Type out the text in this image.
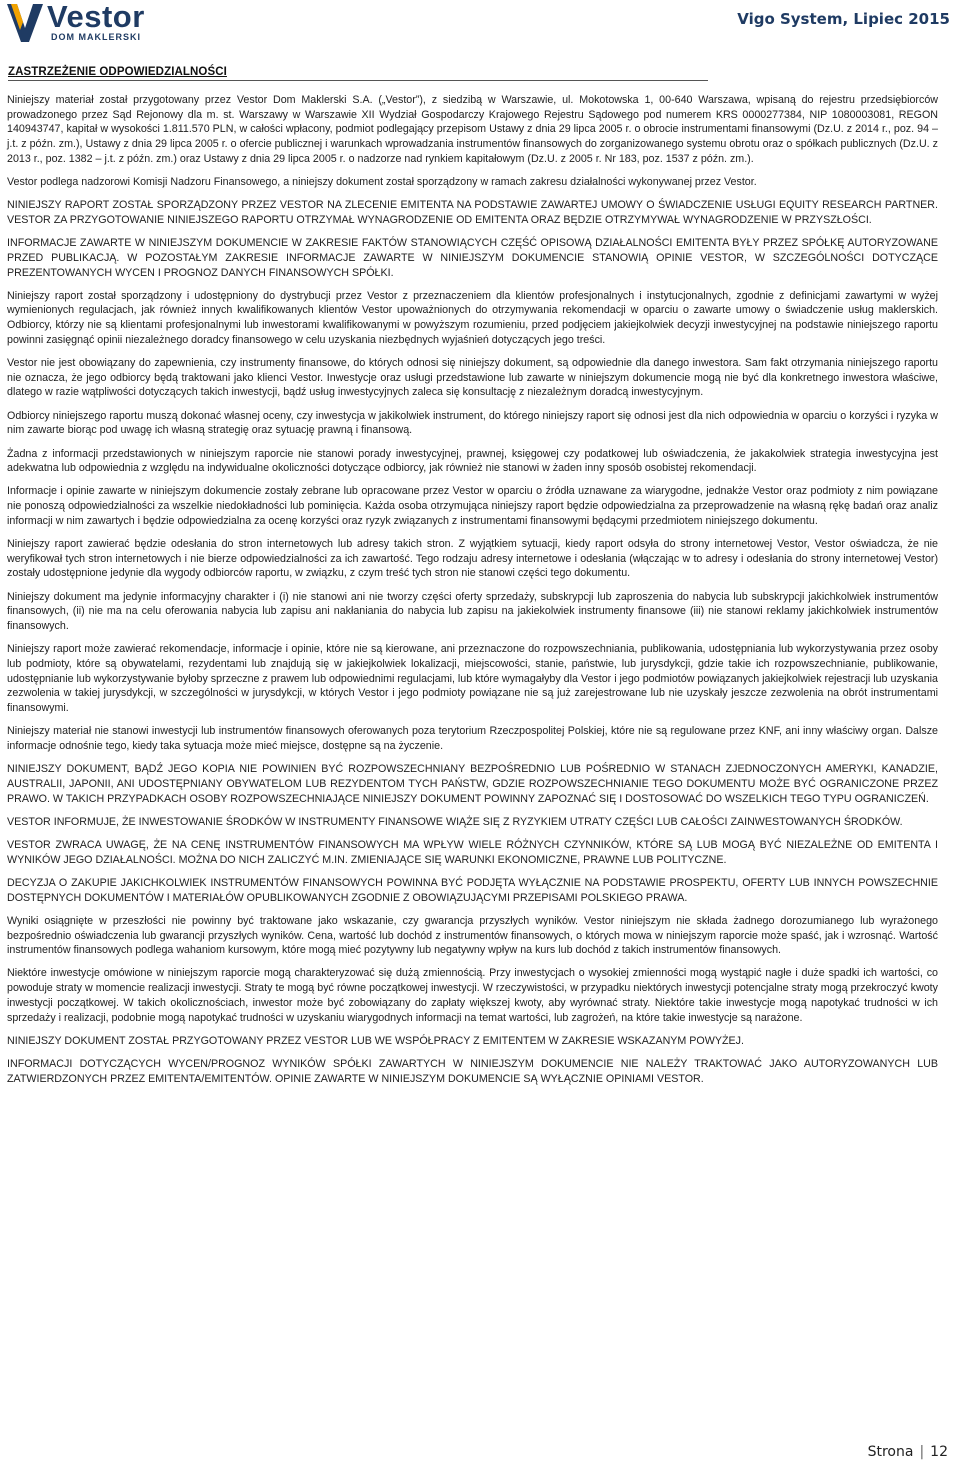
Vestor
DOM MAKLERSKI
Vigo System, Lipiec 2015
ZASTRZEŻENIE ODPOWIEDZIALNOŚCI

Niniejszy materiał został przygotowany przez Vestor Dom Maklerski S.A. („Vestor”), z siedzibą w Warszawie, ul. Mokotowska 1, 00-640 Warszawa, wpisaną do rejestru przedsiębiorców prowadzonego przez Sąd Rejonowy dla m. st. Warszawy w Warszawie XII Wydział Gospodarczy Krajowego Rejestru Sądowego pod numerem KRS 0000277384, NIP 1080003081, REGON 140943747, kapitał w wysokości 1.811.570 PLN, w całości wpłacony, podmiot podlegający przepisom Ustawy z dnia 29 lipca 2005 r. o obrocie instrumentami finansowymi (Dz.U. z 2014 r., poz. 94 – j.t. z późn. zm.), Ustawy z dnia 29 lipca 2005 r. o ofercie publicznej i warunkach wprowadzania instrumentów finansowych do zorganizowanego systemu obrotu oraz o spółkach publicznych (Dz.U. z 2013 r., poz. 1382 – j.t. z późn. zm.) oraz Ustawy z dnia 29 lipca 2005 r. o nadzorze nad rynkiem kapitałowym (Dz.U. z 2005 r. Nr 183, poz. 1537 z późn. zm.).

Vestor podlega nadzorowi Komisji Nadzoru Finansowego, a niniejszy dokument został sporządzony w ramach zakresu działalności wykonywanej przez Vestor.

NINIEJSZY RAPORT ZOSTAŁ SPORZĄDZONY PRZEZ VESTOR NA ZLECENIE EMITENTA NA PODSTAWIE ZAWARTEJ UMOWY O ŚWIADCZENIE USŁUGI EQUITY RESEARCH PARTNER. VESTOR ZA PRZYGOTOWANIE NINIEJSZEGO RAPORTU OTRZYMAŁ WYNAGRODZENIE OD EMITENTA ORAZ BĘDZIE OTRZYMYWAŁ WYNAGRODZENIE W PRZYSZŁOŚCI.

INFORMACJE ZAWARTE W NINIEJSZYM DOKUMENCIE W ZAKRESIE FAKTÓW STANOWIĄCYCH CZĘŚĆ OPISOWĄ DZIAŁALNOŚCI EMITENTA BYŁY PRZEZ SPÓŁKĘ AUTORYZOWANE PRZED PUBLIKACJĄ. W POZOSTAŁYM ZAKRESIE INFORMACJE ZAWARTE W NINIEJSZYM DOKUMENCIE STANOWIĄ OPINIE VESTOR, W SZCZEGÓLNOŚCI DOTYCZĄCE PREZENTOWANYCH WYCEN I PROGNOZ DANYCH FINANSOWYCH SPÓŁKI.

Niniejszy raport został sporządzony i udostępniony do dystrybucji przez Vestor z przeznaczeniem dla klientów profesjonalnych i instytucjonalnych, zgodnie z definicjami zawartymi w wyżej wymienionych regulacjach, jak również innych kwalifikowanych klientów Vestor upoważnionych do otrzymywania rekomendacji w oparciu o zawarte umowy o świadczenie usług maklerskich. Odbiorcy, którzy nie są klientami profesjonalnymi lub inwestorami kwalifikowanymi w powyższym rozumieniu, przed podjęciem jakiejkolwiek decyzji inwestycyjnej na podstawie niniejszego raportu powinni zasięgnąć opinii niezależnego doradcy finansowego w celu uzyskania niezbędnych wyjaśnień dotyczących jego treści.

Vestor nie jest obowiązany do zapewnienia, czy instrumenty finansowe, do których odnosi się niniejszy dokument, są odpowiednie dla danego inwestora. Sam fakt otrzymania niniejszego raportu nie oznacza, że jego odbiorcy będą traktowani jako klienci Vestor. Inwestycje oraz usługi przedstawione lub zawarte w niniejszym dokumencie mogą nie być dla konkretnego inwestora właściwe, dlatego w razie wątpliwości dotyczących takich inwestycji, bądź usług inwestycyjnych zaleca się konsultację z niezależnym doradcą inwestycyjnym.

Odbiorcy niniejszego raportu muszą dokonać własnej oceny, czy inwestycja w jakikolwiek instrument, do którego niniejszy raport się odnosi jest dla nich odpowiednia w oparciu o korzyści i ryzyka w nim zawarte biorąc pod uwagę ich własną strategię oraz sytuację prawną i finansową.

Żadna z informacji przedstawionych w niniejszym raporcie nie stanowi porady inwestycyjnej, prawnej, księgowej czy podatkowej lub oświadczenia, że jakakolwiek strategia inwestycyjna jest adekwatna lub odpowiednia z względu na indywidualne okoliczności dotyczące odbiorcy, jak również nie stanowi w żaden inny sposób osobistej rekomendacji.

Informacje i opinie zawarte w niniejszym dokumencie zostały zebrane lub opracowane przez Vestor w oparciu o źródła uznawane za wiarygodne, jednakże Vestor oraz podmioty z nim powiązane nie ponoszą odpowiedzialności za wszelkie niedokładności lub pominięcia. Każda osoba otrzymująca niniejszy raport będzie odpowiedzialna za przeprowadzenie na własną rękę badań oraz analiz informacji w nim zawartych i będzie odpowiedzialna za ocenę korzyści oraz ryzyk związanych z instrumentami finansowymi będącymi przedmiotem niniejszego dokumentu.

Niniejszy raport zawierać będzie odesłania do stron internetowych lub adresy takich stron. Z wyjątkiem sytuacji, kiedy raport odsyła do strony internetowej Vestor, Vestor oświadcza, że nie weryfikował tych stron internetowych i nie bierze odpowiedzialności za ich zawartość. Tego rodzaju adresy internetowe i odesłania (włączając w to adresy i odesłania do strony internetowej Vestor) zostały udostępnione jedynie dla wygody odbiorców raportu, w związku, z czym treść tych stron nie stanowi części tego dokumentu.

Niniejszy dokument ma jedynie informacyjny charakter i (i) nie stanowi ani nie tworzy części oferty sprzedaży, subskrypcji lub zaproszenia do nabycia lub subskrypcji jakichkolwiek instrumentów finansowych, (ii) nie ma na celu oferowania nabycia lub zapisu ani nakłaniania do nabycia lub zapisu na jakiekolwiek instrumenty finansowe (iii) nie stanowi reklamy jakichkolwiek instrumentów finansowych.

Niniejszy raport może zawierać rekomendacje, informacje i opinie, które nie są kierowane, ani przeznaczone do rozpowszechniania, publikowania, udostępniania lub wykorzystywania przez osoby lub podmioty, które są obywatelami, rezydentami lub znajdują się w jakiejkolwiek lokalizacji, miejscowości, stanie, państwie, lub jurysdykcji, gdzie takie ich rozpowszechnianie, publikowanie, udostępnianie lub wykorzystywanie byłoby sprzeczne z prawem lub odpowiednimi regulacjami, lub które wymagałyby dla Vestor i jego podmiotów powiązanych jakiejkolwiek rejestracji lub uzyskania zezwolenia w takiej jurysdykcji, w szczególności w jurysdykcji, w których Vestor i jego podmioty powiązane nie są już zarejestrowane lub nie uzyskały jeszcze zezwolenia na obrót instrumentami finansowymi.

Niniejszy materiał nie stanowi inwestycji lub instrumentów finansowych oferowanych poza terytorium Rzeczpospolitej Polskiej, które nie są regulowane przez KNF, ani inny właściwy organ. Dalsze informacje odnośnie tego, kiedy taka sytuacja może mieć miejsce, dostępne są na życzenie.

NINIEJSZY DOKUMENT, BĄDŹ JEGO KOPIA NIE POWINIEN BYĆ ROZPOWSZECHNIANY BEZPOŚREDNIO LUB POŚREDNIO W STANACH ZJEDNOCZONYCH AMERYKI, KANADZIE, AUSTRALII, JAPONII, ANI UDOSTĘPNIANY OBYWATELOM LUB REZYDENTOM TYCH PAŃSTW, GDZIE ROZPOWSZECHNIANIE TEGO DOKUMENTU MOŻE BYĆ OGRANICZONE PRZEZ PRAWO. W TAKICH PRZYPADKACH OSOBY ROZPOWSZECHNIAJĄCE NINIEJSZY DOKUMENT POWINNY ZAPOZNAĆ SIĘ I DOSTOSOWAĆ DO WSZELKICH TEGO TYPU OGRANICZEŃ.

VESTOR INFORMUJE, ŻE INWESTOWANIE ŚRODKÓW W INSTRUMENTY FINANSOWE WIĄŻE SIĘ Z RYZYKIEM UTRATY CZĘŚCI LUB CAŁOŚCI ZAINWESTOWANYCH ŚRODKÓW.

VESTOR ZWRACA UWAGĘ, ŻE NA CENĘ INSTRUMENTÓW FINANSOWYCH MA WPŁYW WIELE RÓŻNYCH CZYNNIKÓW, KTÓRE SĄ LUB MOGĄ BYĆ NIEZALEŻNE OD EMITENTA I WYNIKÓW JEGO DZIAŁALNOŚCI. MOŻNA DO NICH ZALICZYĆ M.IN. ZMIENIAJĄCE SIĘ WARUNKI EKONOMICZNE, PRAWNE LUB POLITYCZNE.

DECYZJA O ZAKUPIE JAKICHKOLWIEK INSTRUMENTÓW FINANSOWYCH POWINNA BYĆ PODJĘTA WYŁĄCZNIE NA PODSTAWIE PROSPEKTU, OFERTY LUB INNYCH POWSZECHNIE DOSTĘPNYCH DOKUMENTÓW I MATERIAŁÓW OPUBLIKOWANYCH ZGODNIE Z OBOWIĄZUJĄCYMI PRZEPISAMI POLSKIEGO PRAWA.

Wyniki osiągnięte w przeszłości nie powinny być traktowane jako wskazanie, czy gwarancja przyszłych wyników. Vestor niniejszym nie składa żadnego dorozumianego lub wyrażonego bezpośrednio oświadczenia lub gwarancji przyszłych wyników. Cena, wartość lub dochód z instrumentów finansowych, o których mowa w niniejszym raporcie może spaść, jak i wzrosnąć. Wartość instrumentów finansowych podlega wahaniom kursowym, które mogą mieć pozytywny lub negatywny wpływ na kurs lub dochód z takich instrumentów finansowych.

Niektóre inwestycje omówione w niniejszym raporcie mogą charakteryzować się dużą zmiennością. Przy inwestycjach o wysokiej zmienności mogą wystąpić nagłe i duże spadki ich wartości, co powoduje straty w momencie realizacji inwestycji. Straty te mogą być równe początkowej inwestycji. W rzeczywistości, w przypadku niektórych inwestycji potencjalne straty mogą przekroczyć kwoty inwestycji początkowej. W takich okolicznościach, inwestor może być zobowiązany do zapłaty większej kwoty, aby wyrównać straty. Niektóre takie inwestycje mogą napotykać trudności w ich sprzedaży i realizacji, podobnie mogą napotykać trudności w uzyskaniu wiarygodnych informacji na temat wartości, lub zagrożeń, na które takie inwestycje są narażone.

NINIEJSZY DOKUMENT ZOSTAŁ PRZYGOTOWANY PRZEZ VESTOR LUB WE WSPÓŁPRACY Z EMITENTEM W ZAKRESIE WSKAZANYM POWYŻEJ.

INFORMACJI DOTYCZĄCYCH WYCEN/PROGNOZ WYNIKÓW SPÓŁKI ZAWARTYCH W NINIEJSZYM DOKUMENCIE NIE NALEŻY TRAKTOWAĆ JAKO AUTORYZOWANYCH LUB ZATWIERDZONYCH PRZEZ EMITENTA/EMITENTÓW. OPINIE ZAWARTE W NINIEJSZYM DOKUMENCIE SĄ WYŁĄCZNIE OPINIAMI VESTOR.

Strona | 12
